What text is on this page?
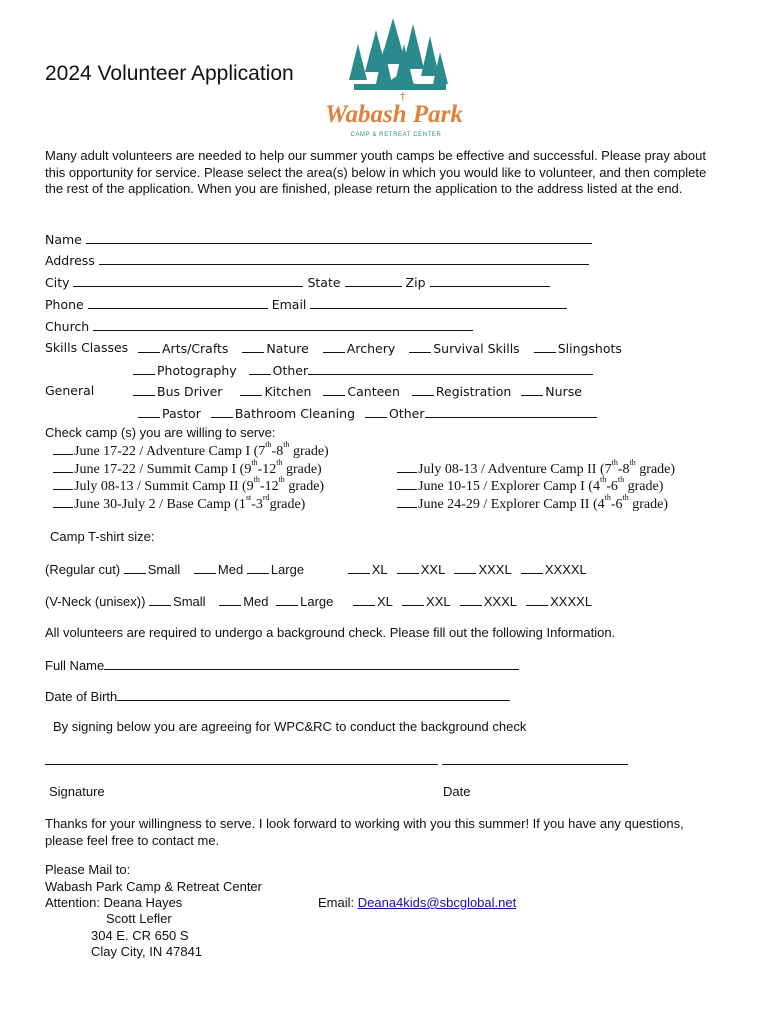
2024 Volunteer Application
†
Wabash Park
CAMP & RETREAT CENTER
Many adult volunteers are needed to help our summer youth camps be effective and successful. Please pray about this opportunity for service. Please select the area(s) below in which you would like to volunteer, and then complete the rest of the application. When you are finished, please return the application to the address listed at the end.
Name
Address
City	State	Zip
Phone	Email
Church
Skills Classes	Arts/Crafts	Nature	Archery	Survival Skills	Slingshots
Photography	Other
General	Bus Driver	Kitchen	Canteen	Registration	Nurse
Pastor	Bathroom Cleaning	Other
Check camp (s) you are willing to serve:
June 17-22 / Adventure Camp I (7th-8th grade)
June 17-22 / Summit Camp I (9th-12th grade)
July 08-13 / Summit Camp II (9th-12th grade)
June 30-July 2 / Base Camp (1st-3rdgrade)
July 08-13 / Adventure Camp II (7th-8th grade)
June 10-15 / Explorer Camp I (4th-6th grade)
June 24-29 / Explorer Camp II (4th-6th grade)
Camp T-shirt size:
(Regular cut) Small	Med Large	XL	XXL	XXXL	XXXXL
(V-Neck (unisex)) Small	Med Large	XL	XXL	XXXL	XXXXL
All volunteers are required to undergo a background check. Please fill out the following Information.
Full Name
Date of Birth
By signing below you are agreeing for WPC&RC to conduct the background check
Signature	Date
Thanks for your willingness to serve. I look forward to working with you this summer! If you have any questions, please feel free to contact me.
Please Mail to:
Wabash Park Camp & Retreat Center
Attention: Deana Hayes
Scott Lefler
304 E. CR 650 S
Clay City, IN 47841
Email: Deana4kids@sbcglobal.net
